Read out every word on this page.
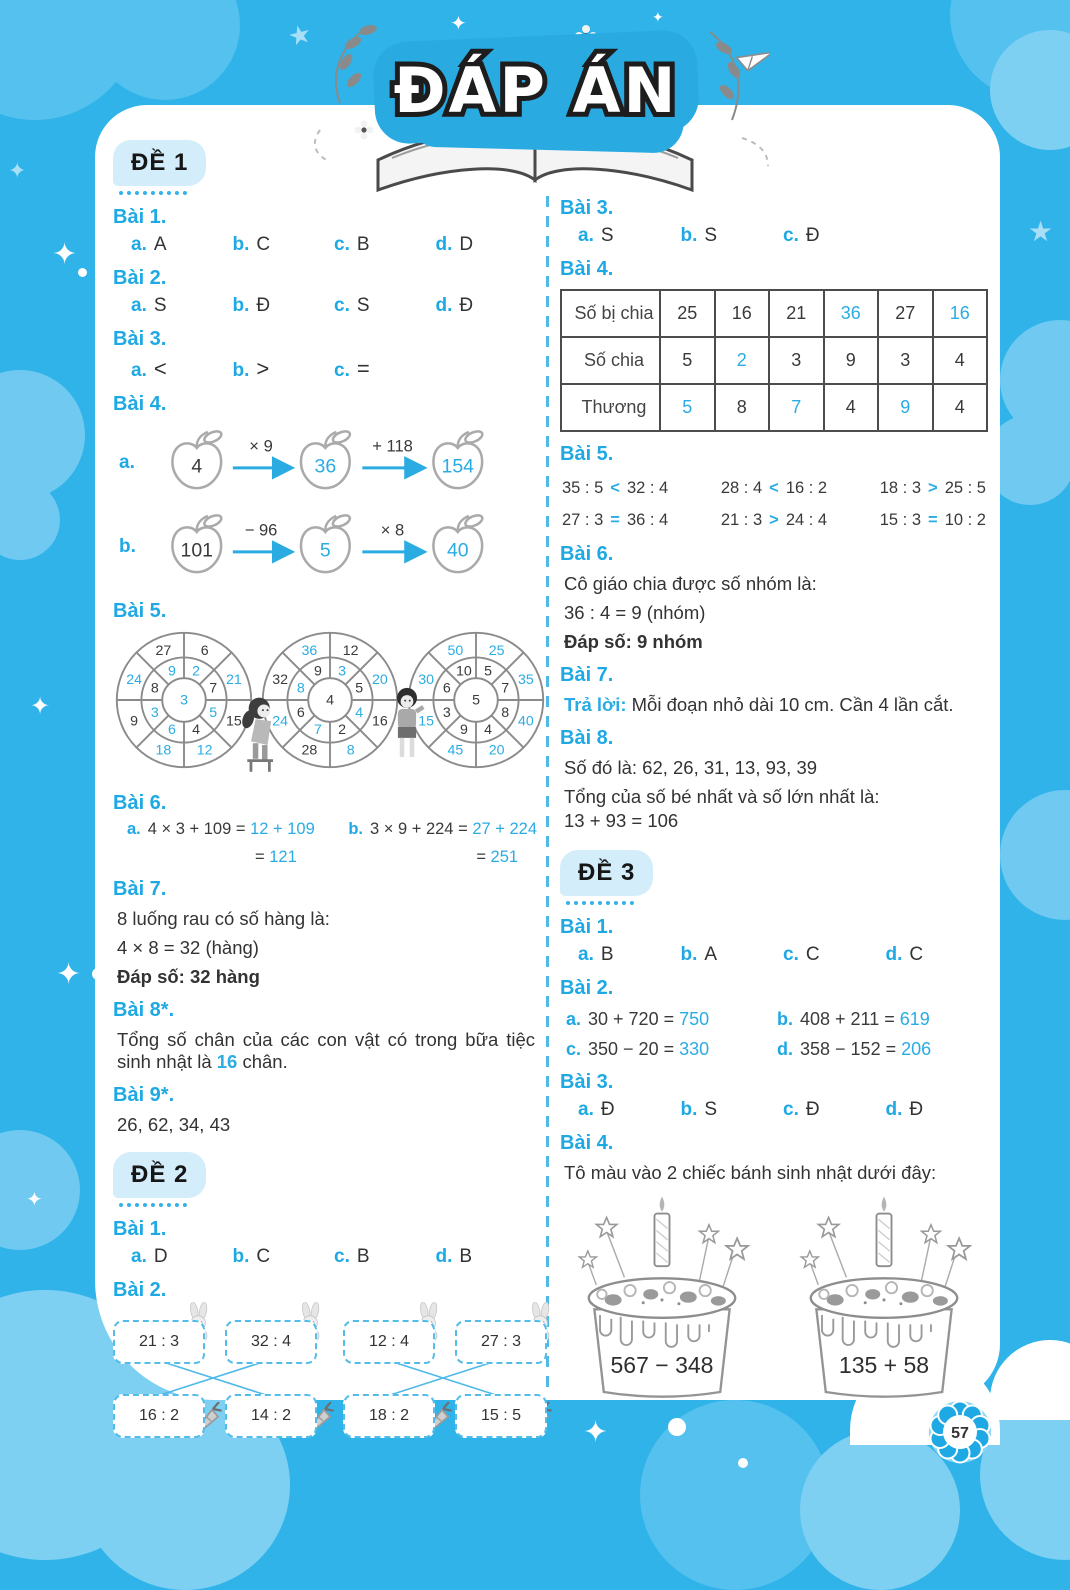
✦
✦
✦
✦
✦
✦
★
★	✦	✦
ĐÁP ÁN
ĐỀ 1
Bài 1.
a. A	b. C	c. B	d. D
Bài 2.
a. S	b. Đ	c. S	d. Đ
Bài 3.
a. <	b. >	c. =
Bài 4.
a.
× 9	+ 118
4	36	154
b.
− 96	× 8
101	5	40
Bài 5.
27
9
6
2
21
7
15
5
12
4
18
6
9
3
24
8
3
36
9
12
3
20
5
16
4
8
2
28
7
24
6
32
8
4
50
10
25
5
35
7
40
8
20
4
45
9
15
3
30
6
5
Bài 6.
a. 4 × 3 + 109 = 12 + 109
= 121
b. 3 × 9 + 224 = 27 + 224
= 251
Bài 7.
8 luống rau có số hàng là:
4 × 8 = 32 (hàng)
Đáp số: 32 hàng
Bài 8*.
Tổng số chân của các con vật có trong bữa tiệc sinh nhật là 16 chân.
Bài 9*.
26, 62, 34, 43
ĐỀ 2
Bài 1.
a. D	b. C	c. B	d. B
Bài 2.
21 : 3	32 : 4	12 : 4	27 : 3
16 : 2	14 : 2	18 : 2	15 : 5
Bài 3.
a. S	b. S	c. Đ
Bài 4.
Số bị chia	25	16	21	36	27	16
Số chia	5	2	3	9	3	4
Thương	5	8	7	4	9	4
Bài 5.
35 : 5 < 32 : 4	28 : 4 < 16 : 2	18 : 3 > 25 : 5
27 : 3 = 36 : 4	21 : 3 > 24 : 4	15 : 3 = 10 : 2
Bài 6.
Cô giáo chia được số nhóm là:
36 : 4 = 9 (nhóm)
Đáp số: 9 nhóm
Bài 7.
Trả lời: Mỗi đoạn nhỏ dài 10 cm. Cần 4 lần cắt.
Bài 8.
Số đó là: 62, 26, 31, 13, 93, 39
Tổng của số bé nhất và số lớn nhất là:
13 + 93 = 106
ĐỀ 3
Bài 1.
a. B	b. A	c. C	d. C
Bài 2.
a. 30 + 720 = 750	b. 408 + 211 = 619
c. 350 − 20 = 330	d. 358 − 152 = 206
Bài 3.
a. Đ	b. S	c. Đ	d. Đ
Bài 4.
Tô màu vào 2 chiếc bánh sinh nhật dưới đây:
567 − 348	135 + 58
57
